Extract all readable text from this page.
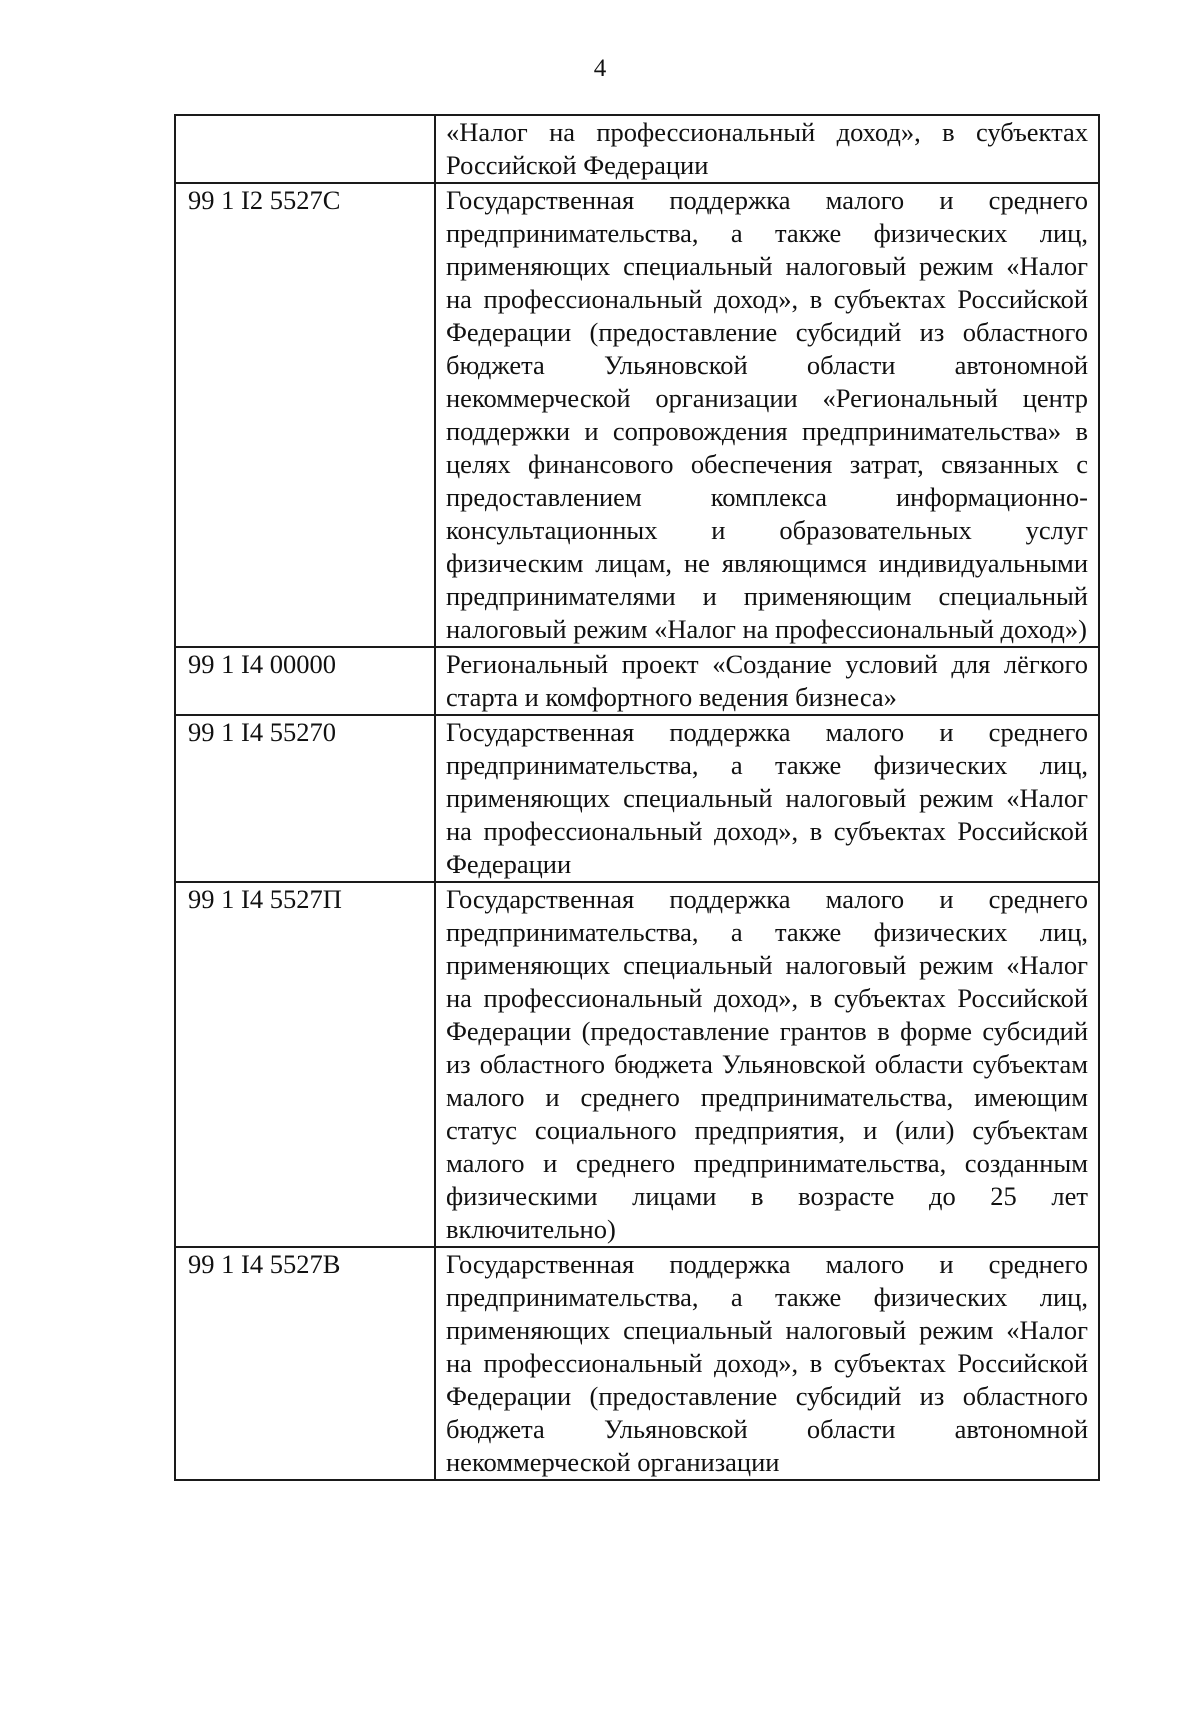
4
	«Налог на профессиональный доход», в субъектах Российской Федерации
99 1 I2 5527С	Государственная поддержка малого и среднего предпринимательства, а также физических лиц, применяющих специальный налоговый режим «Налог на профессиональный доход», в субъектах Российской Федерации (предоставление субсидий из областного бюджета Ульяновской области автономной некоммерческой организации «Региональный центр поддержки и сопровождения предпринимательства» в целях финансового обеспечения затрат, связанных с предоставлением комплекса информационно-консультационных и образовательных услуг физическим лицам, не являющимся индивидуальными предпринимателями и применяющим специальный налоговый режим «Налог на профессиональный доход»)
99 1 I4 00000	Региональный проект «Создание условий для лёгкого старта и комфортного ведения бизнеса»
99 1 I4 55270	Государственная поддержка малого и среднего предпринимательства, а также физических лиц, применяющих специальный налоговый режим «Налог на профессиональный доход», в субъектах Российской Федерации
99 1 I4 5527П	Государственная поддержка малого и среднего предпринимательства, а также физических лиц, применяющих специальный налоговый режим «Налог на профессиональный доход», в субъектах Российской Федерации (предоставление грантов в форме субсидий из областного бюджета Ульяновской области субъектам малого и среднего предпринимательства, имеющим статус социального предприятия, и (или) субъектам малого и среднего предпринимательства, созданным физическими лицами в возрасте до 25 лет включительно)
99 1 I4 5527В	Государственная поддержка малого и среднего предпринимательства, а также физических лиц, применяющих специальный налоговый режим «Налог на профессиональный доход», в субъектах Российской Федерации (предоставление субсидий из областного бюджета Ульяновской области автономной некоммерческой организации
